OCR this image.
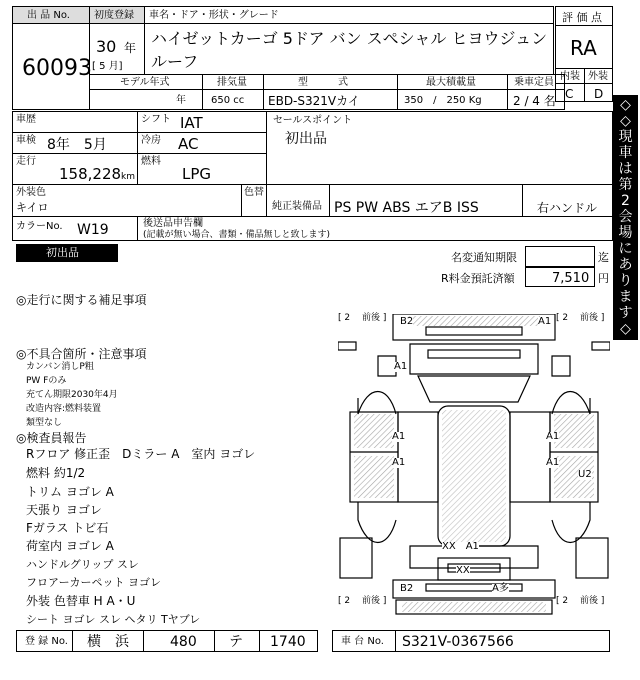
出 品 No.
60093
初度登録
30 年
[ 5 月]
車名・ドア・形状・グレード
ハイゼットカーゴ 5ドア バン スペシャル ヒヨウジュン
ルーフ
モデル年式
年
排気量
650 cc
型　　　式
EBD-S321Vカイ
最大積載量
350　/　250 Kg
乗車定員
2 / 4 名
評 価 点
RA
内装 外装
C D
◇
◇
現
車
は
第
2
会
場
に
あ
り
ま
す
◇
◇
車歴
車検 8年　5月
走行
158,228 km
シフト IAT
冷房 AC
燃料
LPG
セールスポイント
初出品
外装色
キイロ
色替
純正装備品 PS PW ABS エアB ISS	右ハンドル
カラーNo. W19	後送品申告欄
(記載が無い場合、書類・備品無しと致します)
初出品	名変通知期限	迄
R料金預託済額	7,510 円
◎走行に関する補足事項
◎不具合箇所・注意事項
カンバン消しP粗
PW Fのみ
充てん期限2030年4月
改造内容:燃料装置
類型なし
◎検査員報告
Rフロア 修正歪　Dミラー A　室内 ヨゴレ
燃料 約1/2
トリム ヨゴレ A
天張り ヨゴレ
Fガラス トビ石
荷室内 ヨゴレ A
ハンドルグリップ スレ
フロアーカーペット ヨゴレ
外装 色替車 H A・U
シート ヨゴレ スレ ヘタリ Tヤブレ
[ 2 　前後 ]	[ 2 　前後 ]
B2	A1
A1
A1
A1
A1
A1
U2
XX　A1
XX
B2	A多
[ 2 　前後 ]	[ 2 　前後 ]
登 録 No. 横　浜	480 テ 1740	車 台 No. S321V-0367566
